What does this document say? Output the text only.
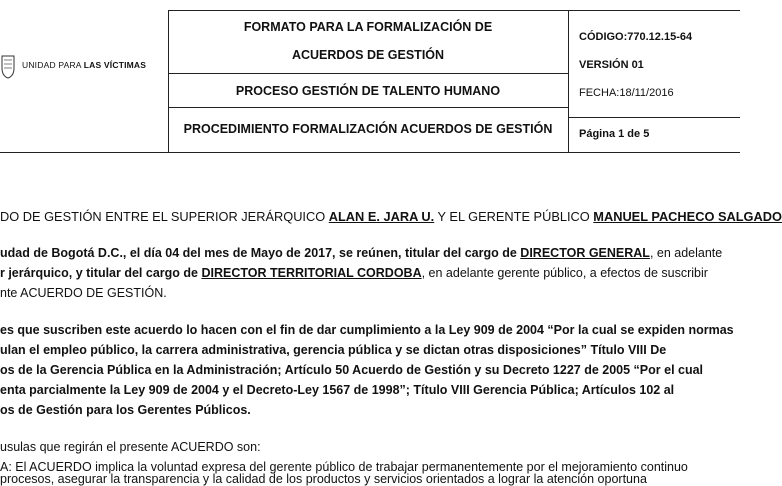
UNIDAD PARA LAS VÍCTIMAS
FORMATO PARA LA FORMALIZACIÓN DE
ACUERDOS DE GESTIÓN
PROCESO GESTIÓN DE TALENTO HUMANO
PROCEDIMIENTO FORMALIZACIÓN ACUERDOS DE GESTIÓN
CÓDIGO:770.12.15-64
VERSIÓN 01
FECHA:18/11/2016
Página 1 de 5
DO DE GESTIÓN ENTRE EL SUPERIOR JERÁRQUICO ALAN E. JARA U. Y EL GERENTE PÚBLICO MANUEL PACHECO SALGADO
udad de Bogotá D.C., el día 04 del mes de Mayo de 2017, se reúnen, titular del cargo de DIRECTOR GENERAL, en adelante
r jerárquico, y titular del cargo de DIRECTOR TERRITORIAL CORDOBA, en adelante gerente público, a efectos de suscribir
nte ACUERDO DE GESTIÓN.
es que suscriben este acuerdo lo hacen con el fin de dar cumplimiento a la Ley 909 de 2004 “Por la cual se expiden normas
ulan el empleo público, la carrera administrativa, gerencia pública y se dictan otras disposiciones” Título VIII De
os de la Gerencia Pública en la Administración; Artículo 50 Acuerdo de Gestión y su Decreto 1227 de 2005 “Por el cual
enta parcialmente la Ley 909 de 2004 y el Decreto-Ley 1567 de 1998”; Título VIII Gerencia Pública; Artículos 102 al
os de Gestión para los Gerentes Públicos.
usulas que regirán el presente ACUERDO son:
A: El ACUERDO implica la voluntad expresa del gerente público de trabajar permanentemente por el mejoramiento continuo
procesos, asegurar la transparencia y la calidad de los productos y servicios orientados a lograr la atención oportuna
